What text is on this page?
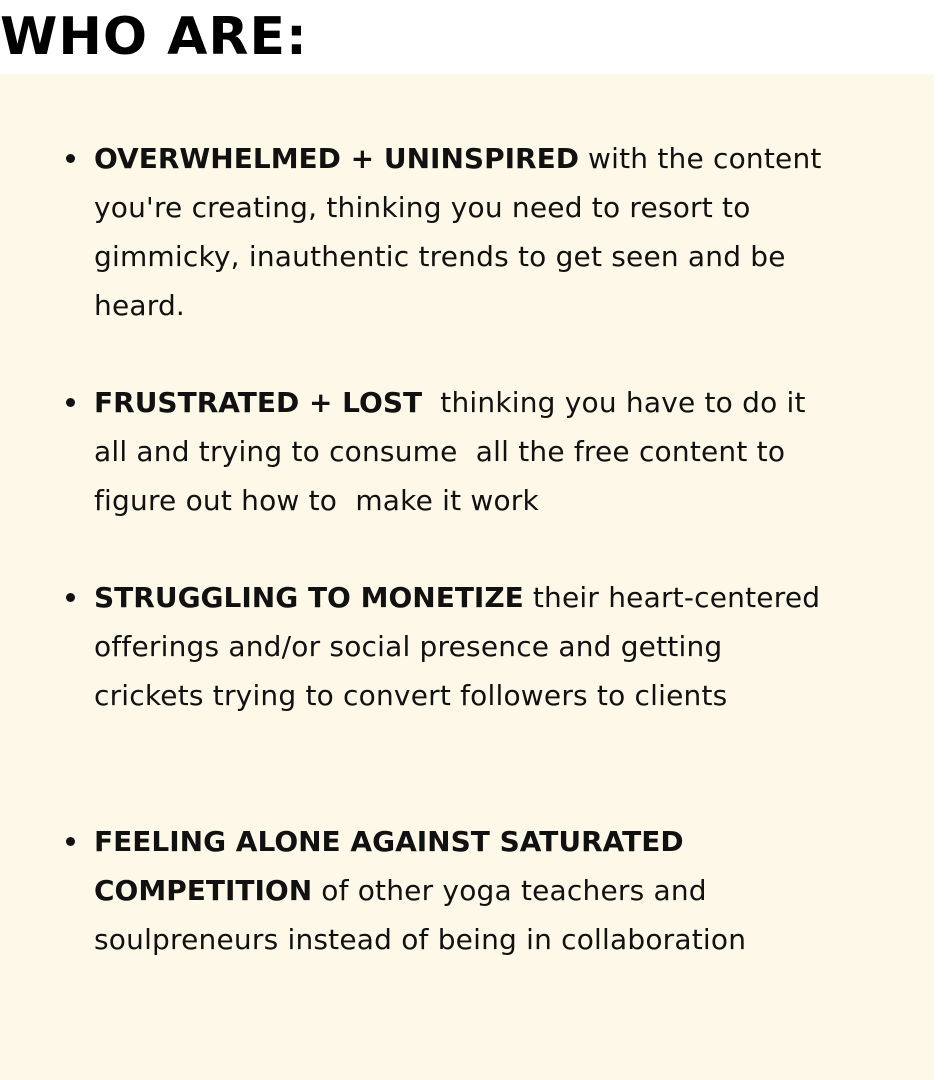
WHO ARE:

OVERWHELMED + UNINSPIRED with the content you're creating, thinking you need to resort to gimmicky, inauthentic trends to get seen and be heard.

FRUSTRATED + LOST  thinking you have to do it all and trying to consume  all the free content to figure out how to  make it work

STRUGGLING TO MONETIZE their heart-centered offerings and/or social presence and getting crickets trying to convert followers to clients

FEELING ALONE AGAINST SATURATED COMPETITION of other yoga teachers and soulpreneurs instead of being in collaboration
